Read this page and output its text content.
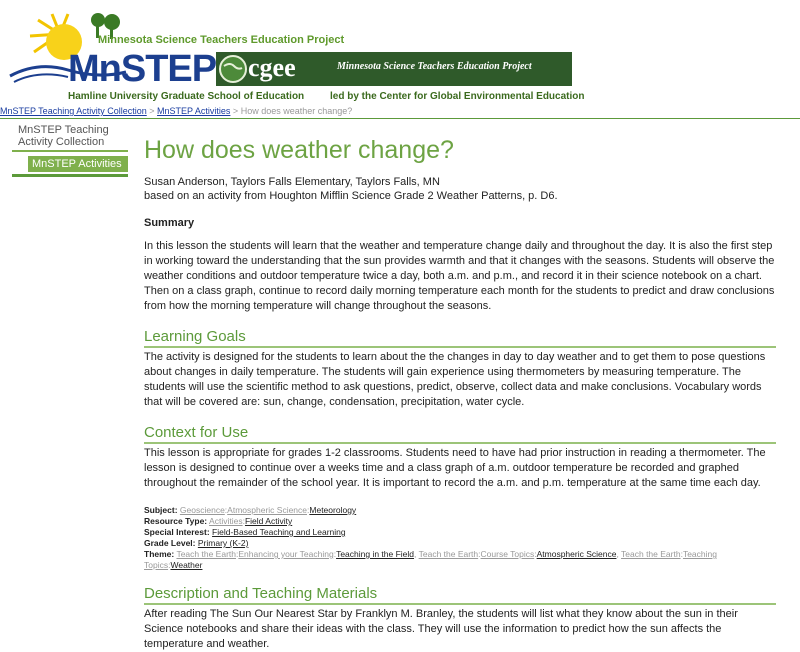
Minnesota Science Teachers Education Project
MnSTEP
Hamline University Graduate School of Education
cgee	Minnesota Science Teachers Education Project
led by the Center for Global Environmental Education
MnSTEP Teaching Activity Collection > MnSTEP Activities > How does weather change?
MnSTEP Teaching Activity Collection
MnSTEP Activities How does weather change?
Susan Anderson, Taylors Falls Elementary, Taylors Falls, MN
based on an activity from Houghton Mifflin Science Grade 2 Weather Patterns, p. D6.
Summary

In this lesson the students will learn that the weather and temperature change daily and throughout the day. It is also the first step in working toward the understanding that the sun provides warmth and that it changes with the seasons. Students will observe the weather conditions and outdoor temperature twice a day, both a.m. and p.m., and record it in their science notebook on a chart. Then on a class graph, continue to record daily morning temperature each month for the students to predict and draw conclusions from how the morning temperature will change throughout the seasons.

Learning Goals

The activity is designed for the students to learn about the the changes in day to day weather and to get them to pose questions about changes in daily temperature. The students will gain experience using thermometers by measuring temperature. The students will use the scientific method to ask questions, predict, observe, collect data and make conclusions. Vocabulary words that will be covered are: sun, change, condensation, precipitation, water cycle.

Context for Use

This lesson is appropriate for grades 1-2 classrooms. Students need to have had prior instruction in reading a thermometer. The lesson is designed to continue over a weeks time and a class graph of a.m. outdoor temperature be recorded and graphed throughout the remainder of the school year. It is important to record the a.m. and p.m. temperature at the same time each day.

Subject: Geoscience:Atmospheric Science:Meteorology
Resource Type: Activities:Field Activity
Special Interest: Field-Based Teaching and Learning
Grade Level: Primary (K-2)
Theme: Teach the Earth:Enhancing your Teaching:Teaching in the Field, Teach the Earth:Course Topics:Atmospheric Science, Teach the Earth:Teaching Topics:Weather
Description and Teaching Materials

After reading The Sun Our Nearest Star by Franklyn M. Branley, the students will list what they know about the sun in their Science notebooks and share their ideas with the class. They will use the information to predict how the sun affects the temperature and weather.
